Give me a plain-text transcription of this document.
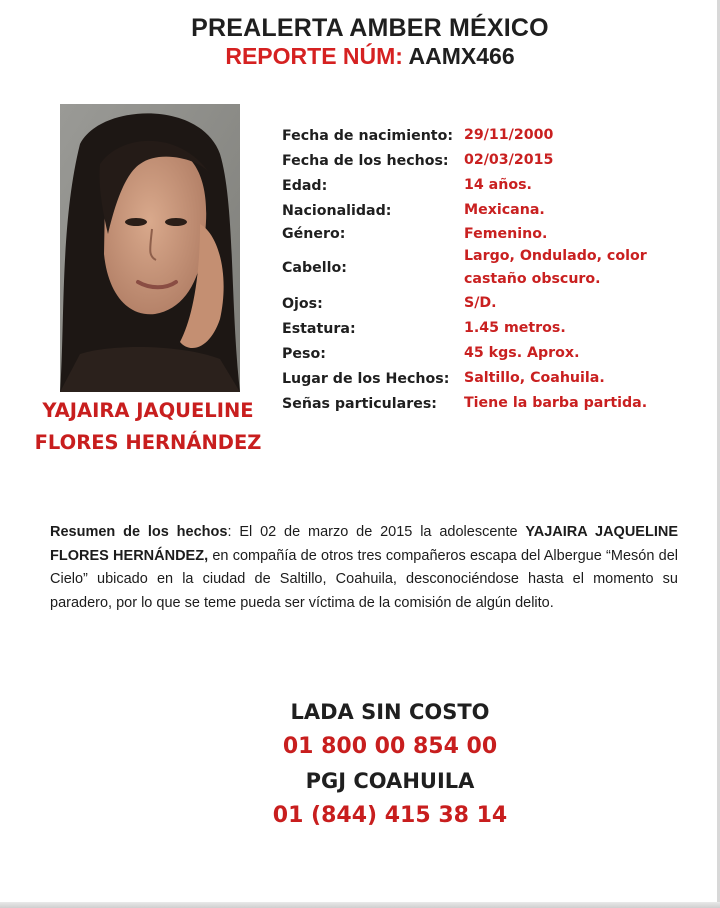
PREALERTA AMBER MÉXICO
REPORTE NÚM: AAMX466
YAJAIRA JAQUELINE
FLORES HERNÁNDEZ
Fecha de nacimiento: 29/11/2000
Fecha de los hechos:	02/03/2015
Edad:	14 años.
Nacionalidad:	Mexicana.
Género:	Femenino.
Cabello:
Largo, Ondulado, color castaño obscuro.
Ojos:	S/D.
Estatura:	1.45 metros.
Peso:	45 kgs. Aprox.
Lugar de los Hechos:	Saltillo, Coahuila.
Señas particulares:	Tiene la barba partida.
Resumen de los hechos: El 02 de marzo de 2015 la adolescente YAJAIRA JAQUELINE FLORES HERNÁNDEZ, en compañía de otros tres compañeros escapa del Albergue “Mesón del Cielo” ubicado en la ciudad de Saltillo, Coahuila, desconociéndose hasta el momento su paradero, por lo que se teme pueda ser víctima de la comisión de algún delito.
LADA SIN COSTO
01 800 00 854 00
PGJ COAHUILA
01 (844) 415 38 14
